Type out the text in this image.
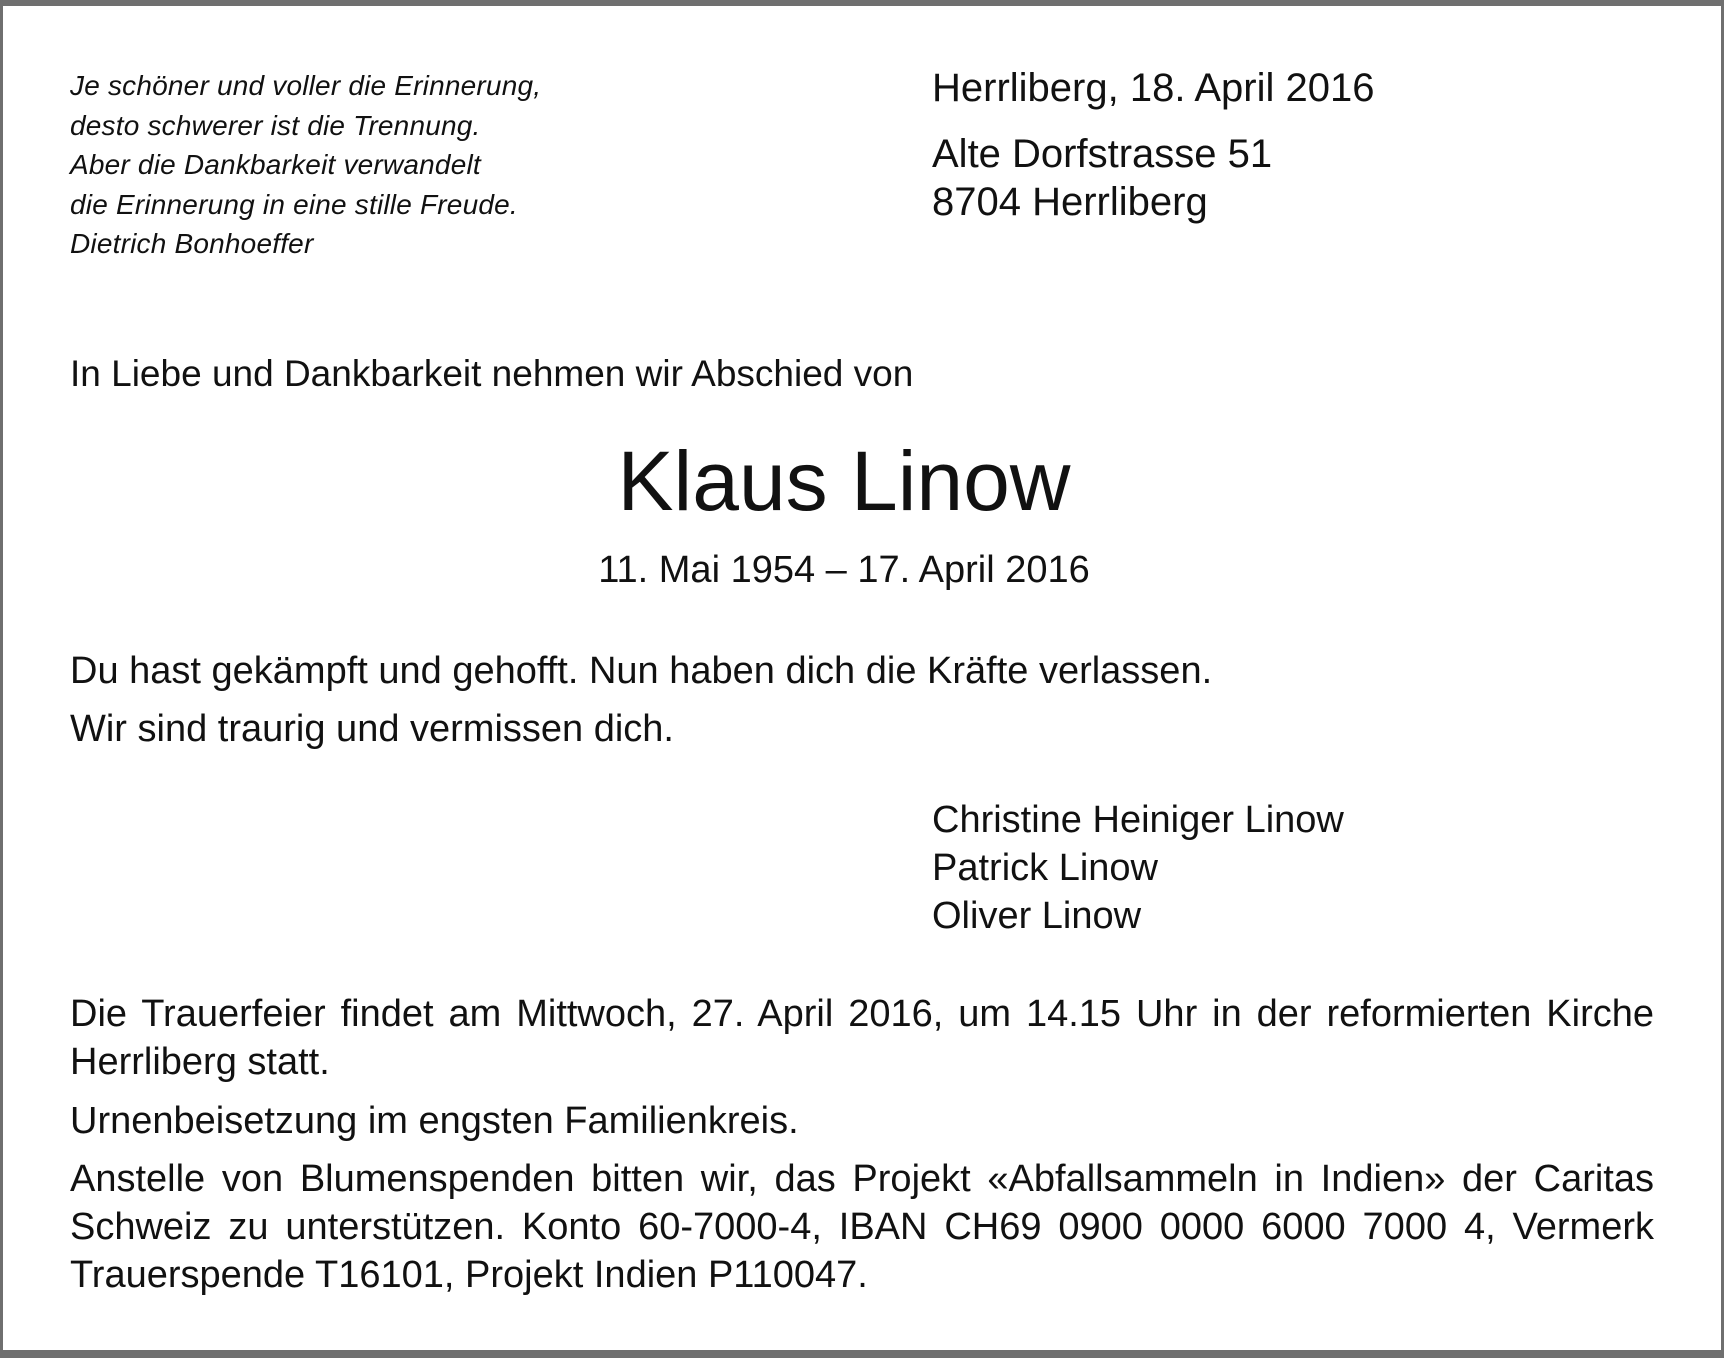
Je schöner und voller die Erinnerung,
desto schwerer ist die Trennung.
Aber die Dankbarkeit verwandelt
die Erinnerung in eine stille Freude.
Dietrich Bonhoeffer
Herrliberg, 18. April 2016
Alte Dorfstrasse 51
8704 Herrliberg
In Liebe und Dankbarkeit nehmen wir Abschied von
Klaus Linow
11. Mai 1954 – 17. April 2016
Du hast gekämpft und gehofft. Nun haben dich die Kräfte verlassen.
Wir sind traurig und vermissen dich.
Christine Heiniger Linow
Patrick Linow
Oliver Linow
Die Trauerfeier findet am Mittwoch, 27. April 2016, um 14.15 Uhr in der reformierten Kirche Herrliberg statt.
Urnenbeisetzung im engsten Familienkreis.
Anstelle von Blumenspenden bitten wir, das Projekt «Abfallsammeln in Indien» der Caritas Schweiz zu unterstützen. Konto 60-7000-4, IBAN CH69 0900 0000 6000 7000 4, Vermerk Trauerspende T16101, Projekt Indien P110047.
